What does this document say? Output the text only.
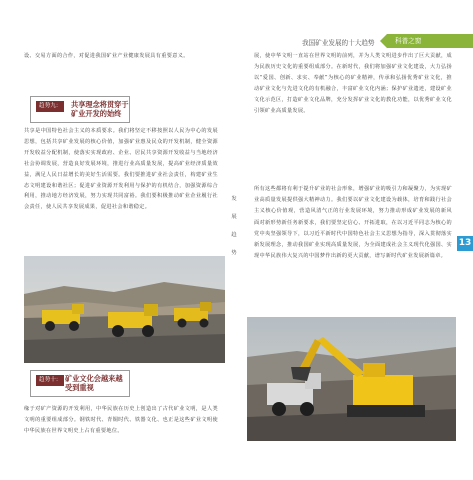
我国矿业发展的十大趋势	科普之窗

设、交易方面的合作，对促进我国矿业产业健康发展具有重要意义。

趋势九：	共享理念将贯穿于
矿业开发的始终

共享是中国特色社会主义的本质要求。我们将坚定不移按照以人民为中心的发展思想，包括共享矿业发展的核心价值，加强矿业惠及民众的开发机制，健全资源开发收益分配机制，使落实实现政府、企业、居民共享资源开发收益与当地经济社会协调发展，营造良好发展环境，推进行业高质量发展，提高矿业经济质量效益，满足人民日益增长的美好生活需要。我们要推进矿业社会责任，构建矿业生态文明建设和谐社区；促进矿业资源开发利用与保护的有机结合，加强资源综合利用，推动地方经济发展，努力实现共同富裕。我们要积极推动矿业企业履行社会责任，使人民共享发展成果，促进社会和谐稳定。

趋势十： 矿业文化会越来越
受到重视

缘于对矿产资源的开发利用，中华民族在历史上创造出了古代矿业文明，是人类文明的重要组成部分。钢铁时代、青铜时代、铁器文化、也正是这些矿业文明使中华民族在世界文明史上占有重要地位。

发
展
趋
势

展，使中华文明一直站在世界文明的前列，并为人类文明进步作出了巨大贡献，成为民族历史文化的重要组成部分。在新时代，我们将加强矿业文化建设，大力弘扬以“爱国、创新、求实、奉献”为核心的矿业精神，传承和弘扬优秀矿业文化，推动矿业文化与先进文化的有机融合，丰富矿业文化内涵；保护矿业遗迹，建设矿业文化示范区，打造矿业文化品牌，充分发挥矿业文化的教化功能，以优秀矿业文化引领矿业高质量发展。

所有这些都将有利于提升矿业的社会形象，增强矿业的吸引力和凝聚力，为实现矿业高质量发展提供强大精神动力。我们要以矿业文化建设为载体，培育和践行社会主义核心价值观，营造风清气正的行业发展环境，努力推动形成矿业发展的新风

面对新形势新任务新要求，我们要坚定信心、开拓进取，在以习近平同志为核心的党中央坚强领导下，以习近平新时代中国特色社会主义思想为指导，深入贯彻落实新发展理念，推动我国矿业实现高质量发展，为全面建成社会主义现代化强国、实现中华民族伟大复兴的中国梦作出新的更大贡献，谱写新时代矿业发展新篇章。

13
